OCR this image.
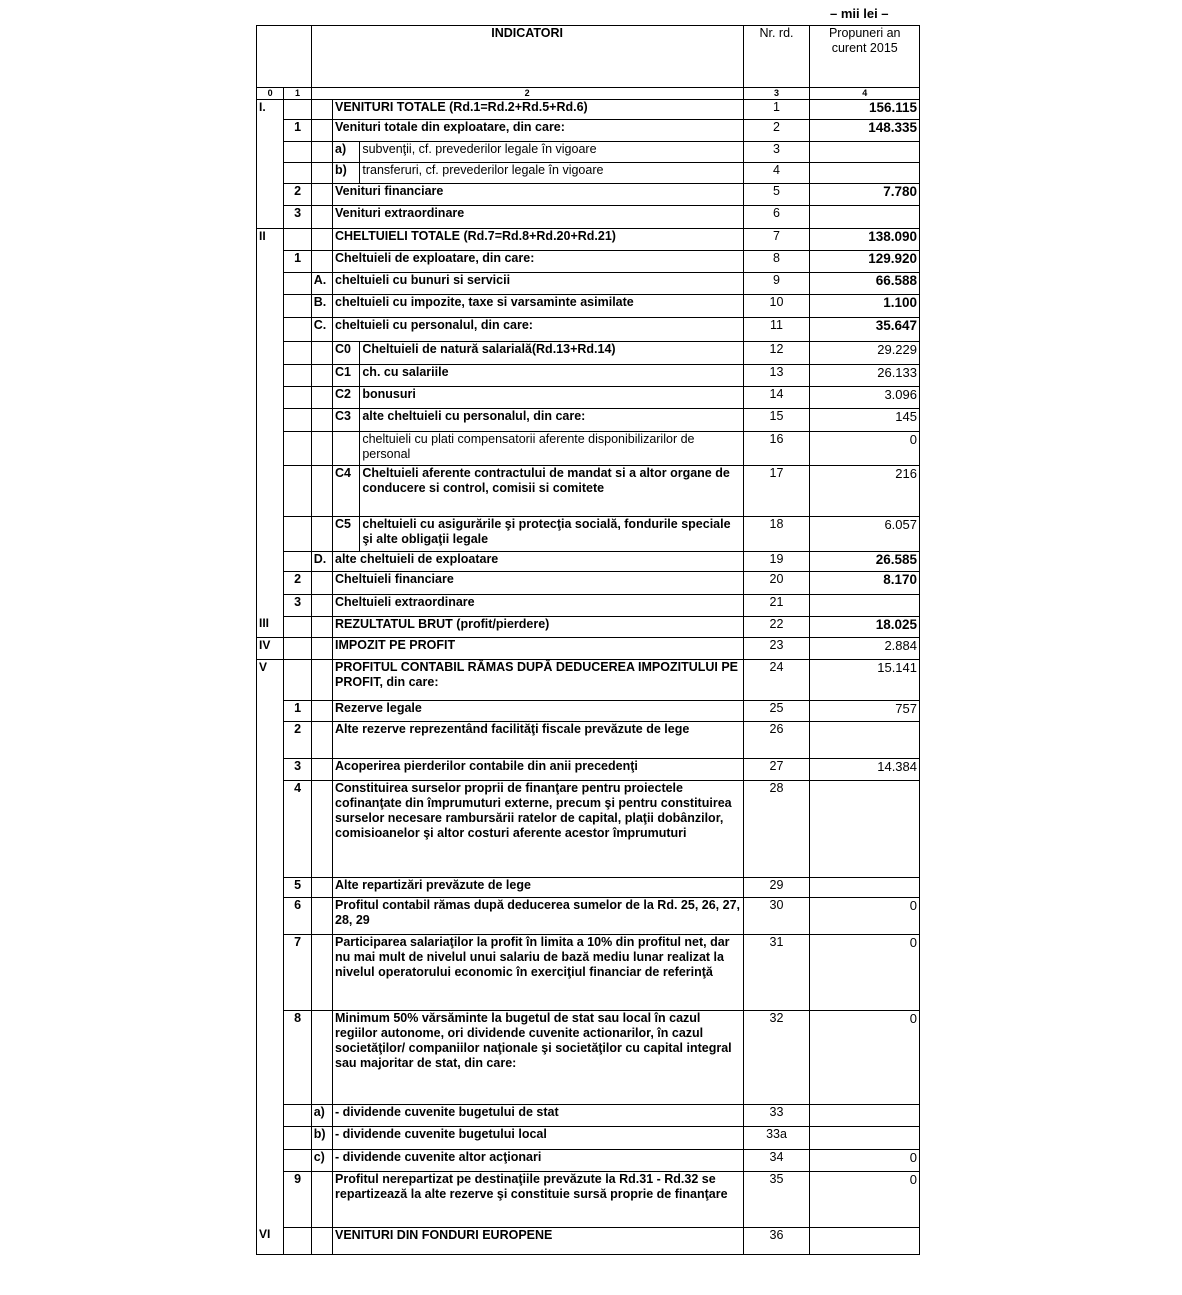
– mii lei –
		INDICATORI			Nr. rd.	Propuneri an curent 2015
0	1	2			3	4
I.			VENITURI TOTALE (Rd.1=Rd.2+Rd.5+Rd.6)		1	156.115
	1		Venituri totale din exploatare, din care:		2	148.335
			a)	subvenţii, cf. prevederilor legale în vigoare	3	
			b)	transferuri, cf. prevederilor legale în vigoare	4	
	2		Venituri financiare		5	7.780
	3		Venituri extraordinare		6	
II			CHELTUIELI TOTALE (Rd.7=Rd.8+Rd.20+Rd.21)		7	138.090
	1		Cheltuieli de exploatare, din care:		8	129.920
		A.	cheltuieli cu bunuri si servicii		9	66.588
		B.	cheltuieli cu impozite, taxe si varsaminte asimilate		10	1.100
		C.	cheltuieli cu personalul, din care:		11	35.647
			C0	Cheltuieli de natură salarială(Rd.13+Rd.14)	12	29.229
			C1	ch. cu salariile	13	26.133
			C2	bonusuri	14	3.096
			C3	alte cheltuieli cu personalul, din care:	15	145
				cheltuieli cu plati compensatorii aferente disponibilizarilor de personal	16	0
			C4	Cheltuieli aferente contractului de mandat si a altor organe de conducere si control, comisii si comitete	17	216
			C5	cheltuieli cu asigurările şi protecţia socială, fondurile speciale şi alte obligaţii legale	18	6.057
		D.	alte cheltuieli de exploatare		19	26.585
	2		Cheltuieli financiare		20	8.170
	3		Cheltuieli extraordinare		21	
III			REZULTATUL BRUT (profit/pierdere)		22	18.025
IV			IMPOZIT PE PROFIT		23	2.884
V			PROFITUL CONTABIL RĂMAS DUPĂ DEDUCEREA IMPOZITULUI PE PROFIT, din care:		24	15.141
	1		Rezerve legale		25	757
	2		Alte rezerve reprezentând facilităţi fiscale prevăzute de lege		26	
	3		Acoperirea pierderilor contabile din anii precedenţi		27	14.384
	4		Constituirea surselor proprii de finanţare pentru proiectele cofinanţate din împrumuturi externe, precum şi pentru constituirea surselor necesare rambursării ratelor de capital, plaţii dobânzilor, comisioanelor şi altor costuri aferente acestor împrumuturi		28	
	5		Alte repartizări prevăzute de lege		29	
	6		Profitul contabil rămas după deducerea sumelor de la Rd. 25, 26, 27, 28, 29		30	0
	7		Participarea salariaţilor la profit în limita a 10% din profitul net, dar nu mai mult de nivelul unui salariu de bază mediu lunar realizat la nivelul operatorului economic în exerciţiul financiar de referinţă		31	0
	8		Minimum 50% vărsăminte la bugetul de stat sau local în cazul regiilor autonome, ori dividende cuvenite actionarilor, în cazul societăţilor/ companiilor naţionale şi societăţilor cu capital integral sau majoritar de stat, din care:		32	0
		a)	- dividende cuvenite bugetului de stat		33	
		b)	- dividende cuvenite bugetului local		33a	
		c)	- dividende cuvenite altor acţionari		34	0
	9		Profitul nerepartizat pe destinaţiile prevăzute la Rd.31 - Rd.32 se repartizează la alte rezerve şi constituie sursă proprie de finanţare		35	0
VI			VENITURI DIN FONDURI EUROPENE		36	
